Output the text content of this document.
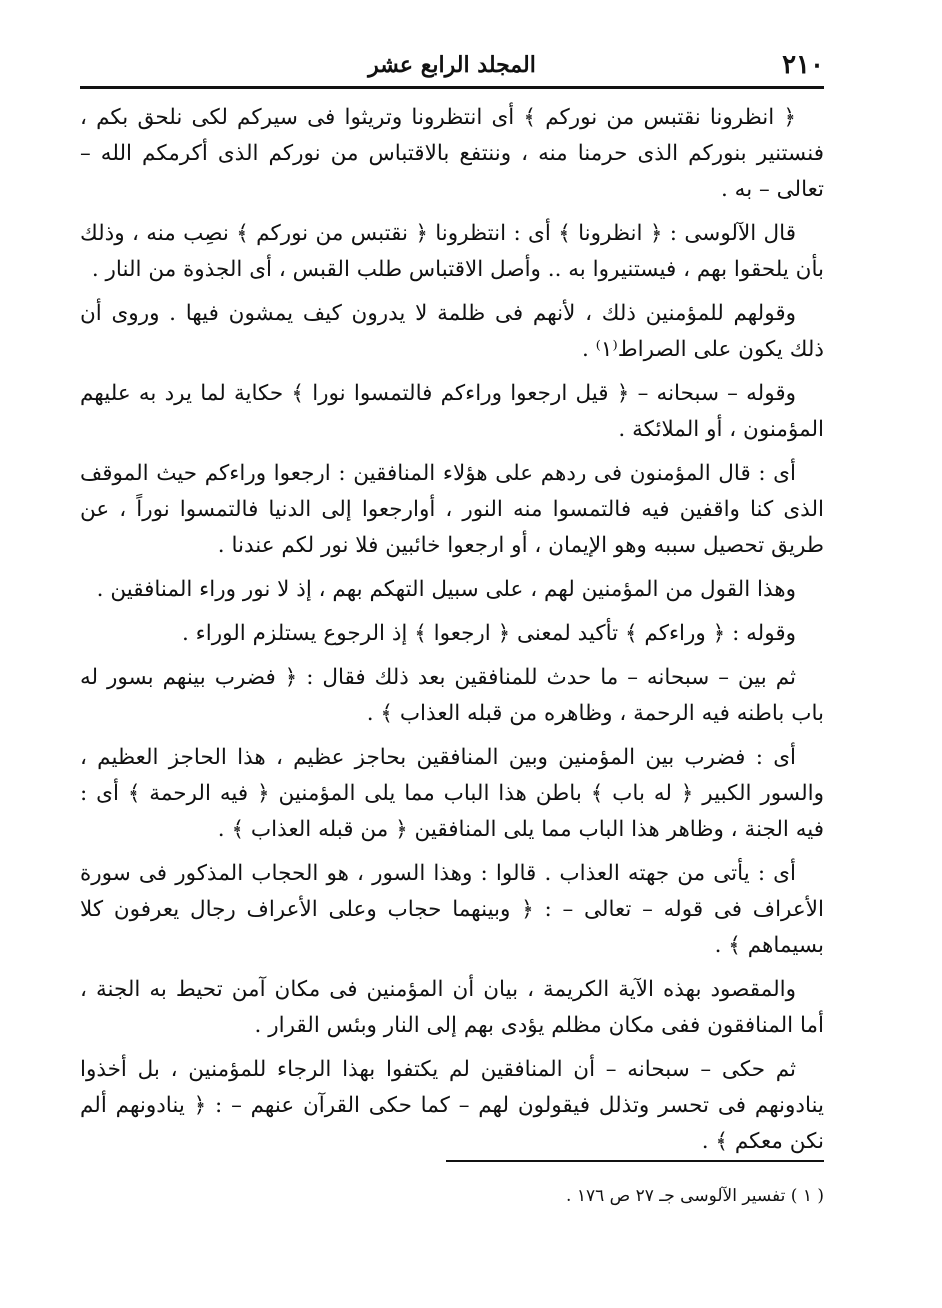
٢١٠
المجلد الرابع عشر

﴿ انظرونا نقتبس من نوركم ﴾ أى انتظرونا وتريثوا فى سيركم لكى نلحق بكم ، فنستنير بنوركم الذى حرمنا منه ، وننتفع بالاقتباس من نوركم الذى أكرمكم الله – تعالى – به .

قال الآلوسى : ﴿ انظرونا ﴾ أى : انتظرونا ﴿ نقتبس من نوركم ﴾ نصِب منه ، وذلك بأن يلحقوا بهم ، فيستنيروا به .. وأصل الاقتباس طلب القبس ، أى الجذوة من النار .

وقولهم للمؤمنين ذلك ، لأنهم فى ظلمة لا يدرون كيف يمشون فيها . وروى أن ذلك يكون على الصراط⁽١⁾ .

وقوله – سبحانه – ﴿ قيل ارجعوا وراءكم فالتمسوا نورا ﴾ حكاية لما يرد به عليهم المؤمنون ، أو الملائكة .

أى : قال المؤمنون فى ردهم على هؤلاء المنافقين : ارجعوا وراءكم حيث الموقف الذى كنا واقفين فيه فالتمسوا منه النور ، أوارجعوا إلى الدنيا فالتمسوا نوراً ، عن طريق تحصيل سببه وهو الإيمان ، أو ارجعوا خائبين فلا نور لكم عندنا .

وهذا القول من المؤمنين لهم ، على سبيل التهكم بهم ، إذ لا نور وراء المنافقين .

وقوله : ﴿ وراءكم ﴾ تأكيد لمعنى ﴿ ارجعوا ﴾ إذ الرجوع يستلزم الوراء .

ثم بين – سبحانه – ما حدث للمنافقين بعد ذلك فقال : ﴿ فضرب بينهم بسور له باب باطنه فيه الرحمة ، وظاهره من قبله العذاب ﴾ .

أى : فضرب بين المؤمنين وبين المنافقين بحاجز عظيم ، هذا الحاجز العظيم ، والسور الكبير ﴿ له باب ﴾ باطن هذا الباب مما يلى المؤمنين ﴿ فيه الرحمة ﴾ أى : فيه الجنة ، وظاهر هذا الباب مما يلى المنافقين ﴿ من قبله العذاب ﴾ .

أى : يأتى من جهته العذاب . قالوا : وهذا السور ، هو الحجاب المذكور فى سورة الأعراف فى قوله – تعالى – : ﴿ وبينهما حجاب وعلى الأعراف رجال يعرفون كلا بسيماهم ﴾ .

والمقصود بهذه الآية الكريمة ، بيان أن المؤمنين فى مكان آمن تحيط به الجنة ، أما المنافقون ففى مكان مظلم يؤدى بهم إلى النار وبئس القرار .

ثم حكى – سبحانه – أن المنافقين لم يكتفوا بهذا الرجاء للمؤمنين ، بل أخذوا ينادونهم فى تحسر وتذلل فيقولون لهم – كما حكى القرآن عنهم – : ﴿ ينادونهم ألم نكن معكم ﴾ .

( ١ ) تفسير الآلوسى جـ ٢٧ ص ١٧٦ .
